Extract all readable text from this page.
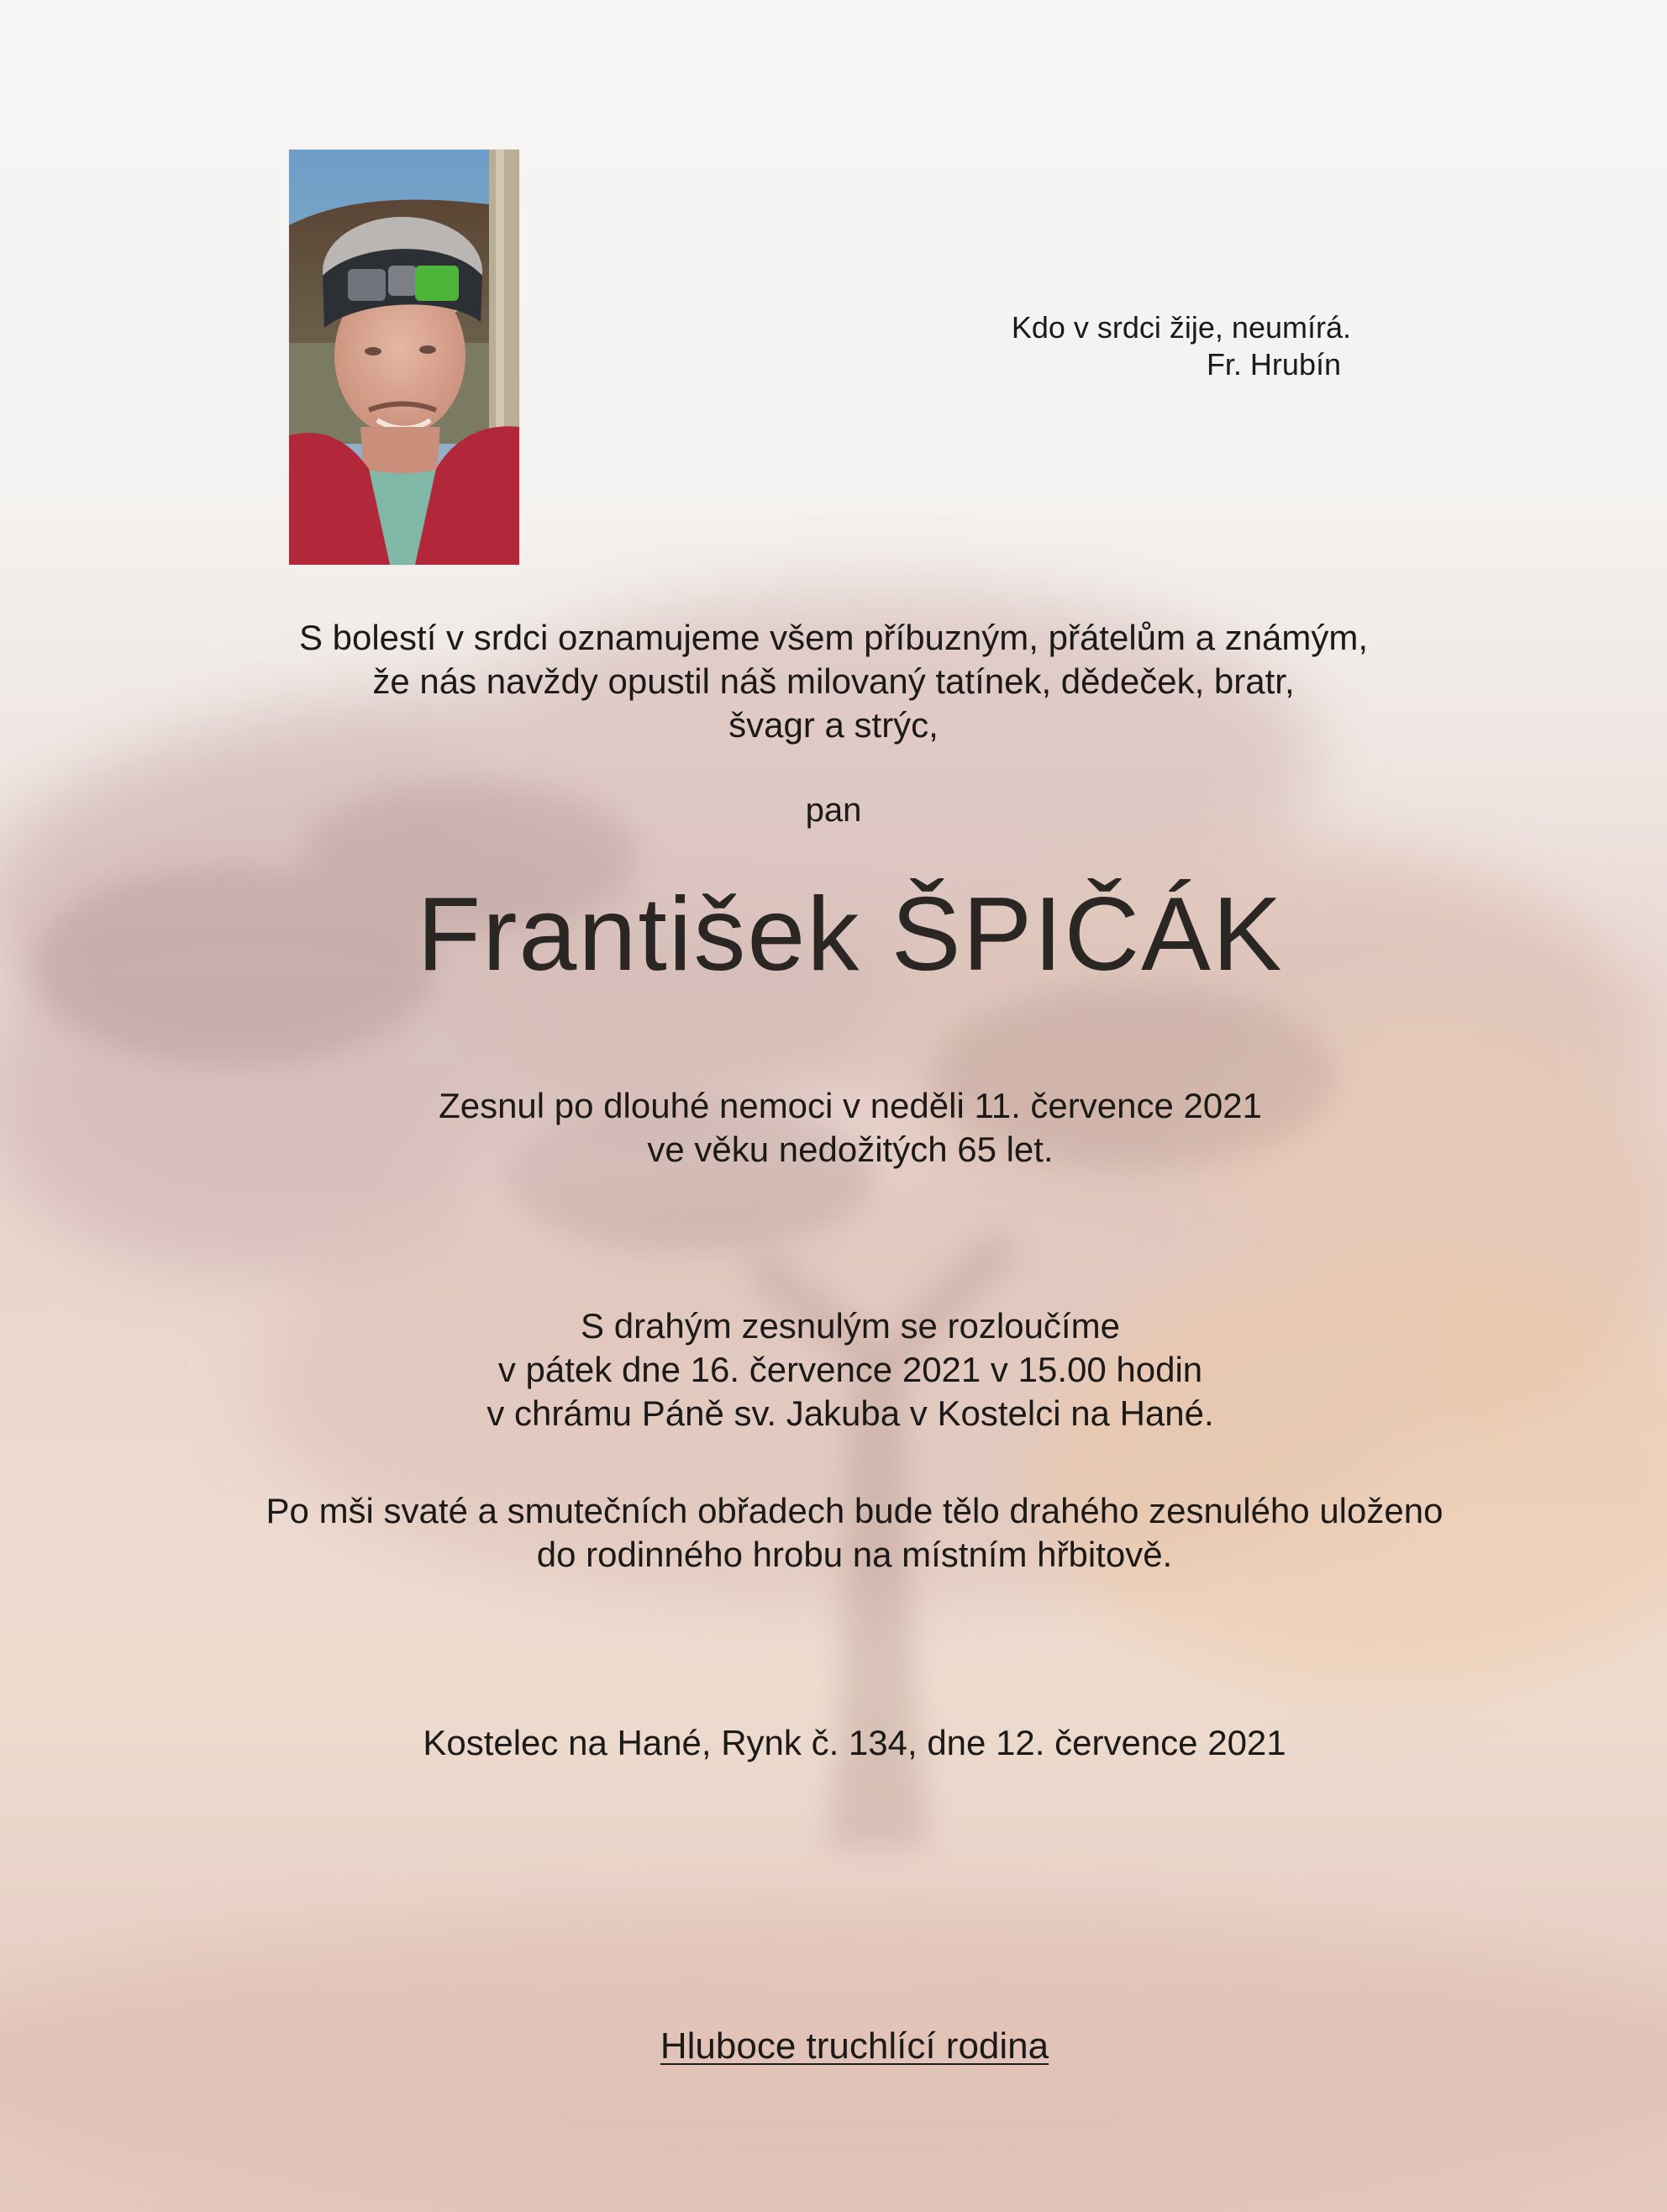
Kdo v srdci žije, neumírá.
Fr. Hrubín
S bolestí v srdci oznamujeme všem příbuzným, přátelům a známým,
že nás navždy opustil náš milovaný tatínek, dědeček, bratr,
švagr a strýc,
pan
František ŠPIČÁK
Zesnul po dlouhé nemoci v neděli 11. července 2021
ve věku nedožitých 65 let.
S drahým zesnulým se rozloučíme
v pátek dne 16. července 2021 v 15.00 hodin
v chrámu Páně sv. Jakuba v Kostelci na Hané.
Po mši svaté a smutečních obřadech bude tělo drahého zesnulého uloženo
do rodinného hrobu na místním hřbitově.
Kostelec na Hané, Rynk č. 134, dne 12. července 2021
Hluboce truchlící rodina
